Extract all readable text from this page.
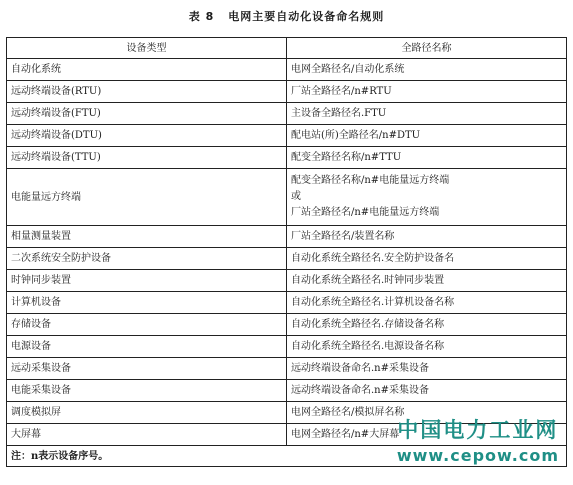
表 8 电网主要自动化设备命名规则
设备类型	全路径名称
自动化系统	电网全路径名/自动化系统
远动终端设备(RTU)	厂站全路径名/n#RTU
远动终端设备(FTU)	主设备全路径名.FTU
远动终端设备(DTU)	配电站(所)全路径名/n#DTU
远动终端设备(TTU)	配变全路径名称/n#TTU
电能量远方终端	配变全路径名称/n#电能量远方终端
或
厂站全路径名/n#电能量远方终端

相量测量装置	厂站全路径名/装置名称
二次系统安全防护设备	自动化系统全路径名.安全防护设备名
时钟同步装置	自动化系统全路径名.时钟同步装置
计算机设备	自动化系统全路径名.计算机设备名称
存储设备	自动化系统全路径名.存储设备名称
电源设备	自动化系统全路径名.电源设备名称
远动采集设备	远动终端设备命名.n#采集设备
电能采集设备	远动终端设备命名.n#采集设备
调度模拟屏	电网全路径名/模拟屏名称
大屏幕	电网全路径名/n#大屏幕
注：n表示设备序号。	
中国电力工业网
www.cepow.com
